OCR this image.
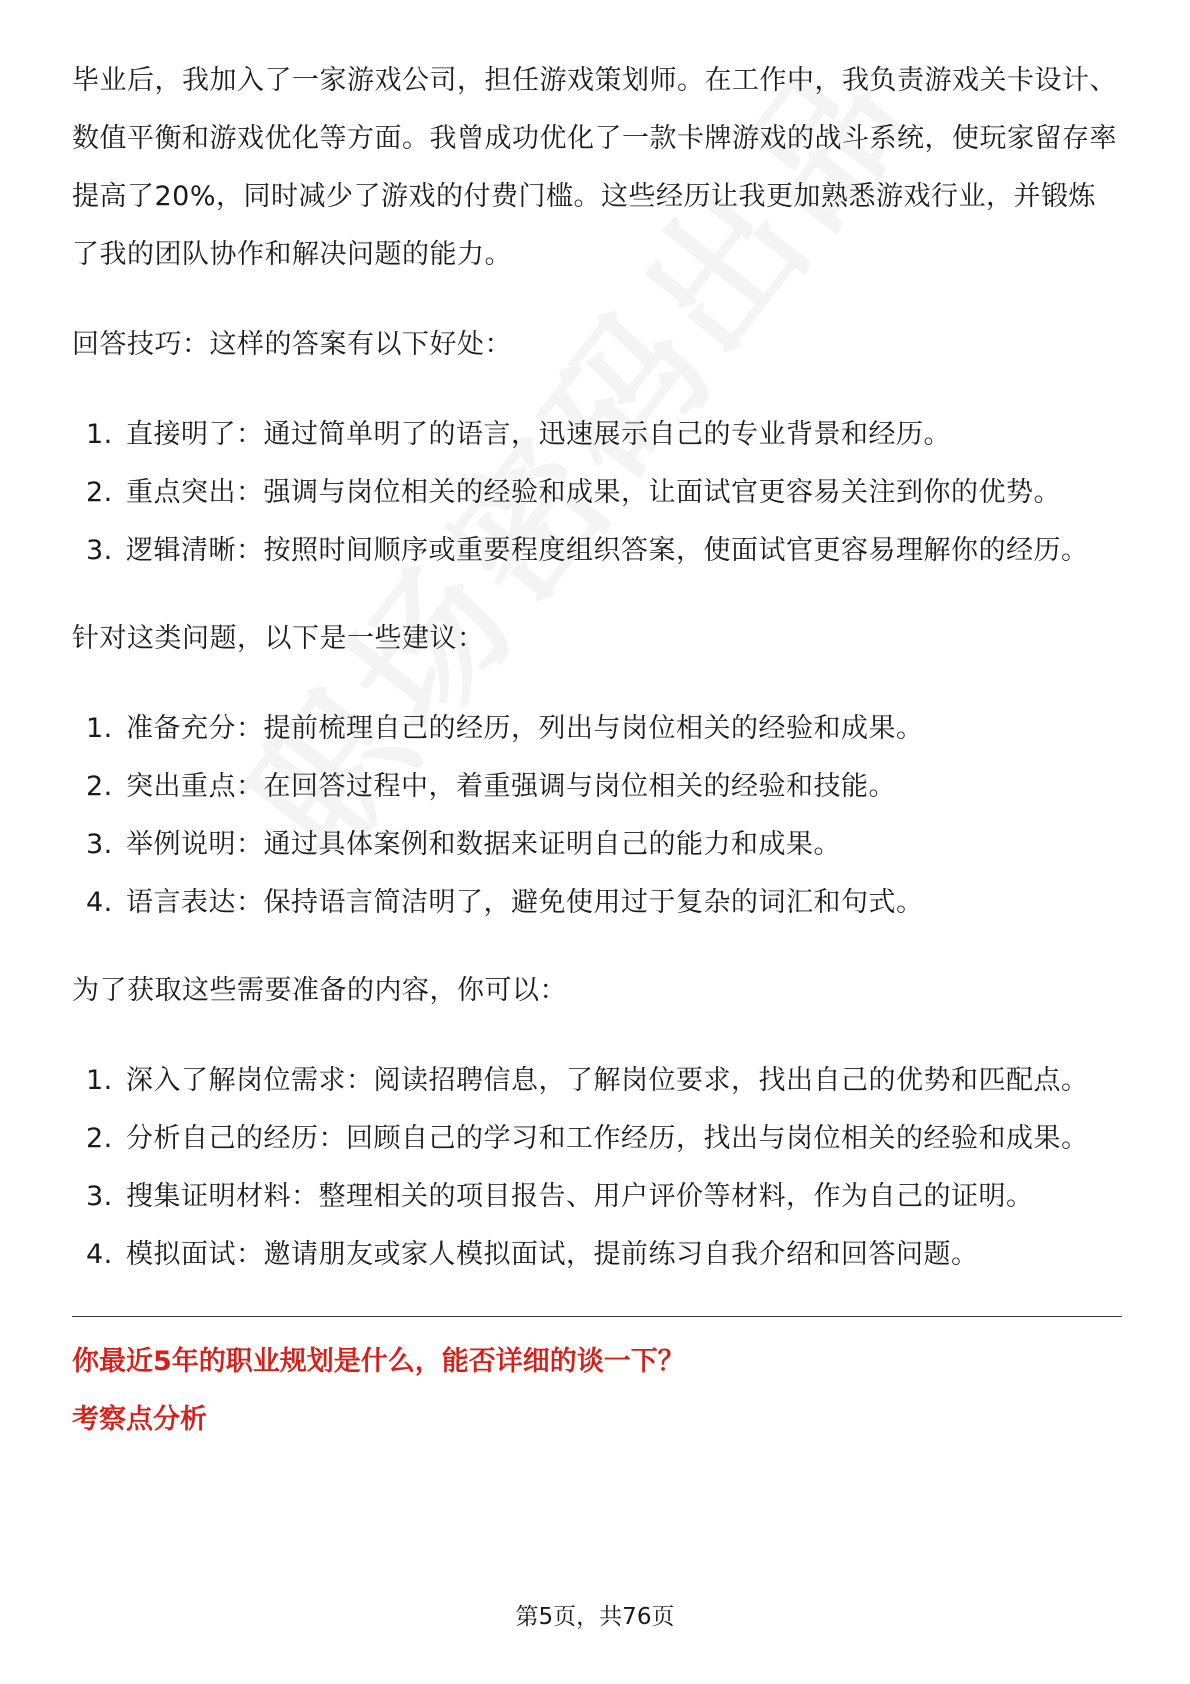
毕业后，我加入了一家游戏公司，担任游戏策划师。在工作中，我负责游戏关卡设计、数值平衡和游戏优化等方面。我曾成功优化了一款卡牌游戏的战斗系统，使玩家留存率提高了20%，同时减少了游戏的付费门槛。这些经历让我更加熟悉游戏行业，并锻炼了我的团队协作和解决问题的能力。

回答技巧：这样的答案有以下好处：

1. 直接明了：通过简单明了的语言，迅速展示自己的专业背景和经历。
2. 重点突出：强调与岗位相关的经验和成果，让面试官更容易关注到你的优势。
3. 逻辑清晰：按照时间顺序或重要程度组织答案，使面试官更容易理解你的经历。

针对这类问题，以下是一些建议：

1. 准备充分：提前梳理自己的经历，列出与岗位相关的经验和成果。
2. 突出重点：在回答过程中，着重强调与岗位相关的经验和技能。
3. 举例说明：通过具体案例和数据来证明自己的能力和成果。
4. 语言表达：保持语言简洁明了，避免使用过于复杂的词汇和句式。

为了获取这些需要准备的内容，你可以：

1. 深入了解岗位需求：阅读招聘信息，了解岗位要求，找出自己的优势和匹配点。
2. 分析自己的经历：回顾自己的学习和工作经历，找出与岗位相关的经验和成果。
3. 搜集证明材料：整理相关的项目报告、用户评价等材料，作为自己的证明。
4. 模拟面试：邀请朋友或家人模拟面试，提前练习自我介绍和回答问题。

你最近5年的职业规划是什么，能否详细的谈一下？

考察点分析

第5页，共76页
